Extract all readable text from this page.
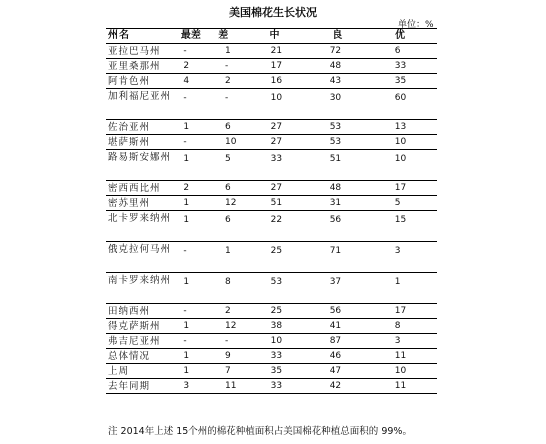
美国棉花生长状况
单位：%
州名	最差	差	中	良	优
亚拉巴马州	-	1	21	72	6
亚里桑那州	2	-	17	48	33
阿肯色州	4	2	16	43	35
加利福尼亚州	-	-	10	30	60
佐治亚州	1	6	27	53	13
堪萨斯州	-	10	27	53	10
路易斯安娜州	1	5	33	51	10
密西西比州	2	6	27	48	17
密苏里州	1	12	51	31	5
北卡罗来纳州	1	6	22	56	15
俄克拉何马州	-	1	25	71	3
南卡罗来纳州	1	8	53	37	1
田纳西州	-	2	25	56	17
得克萨斯州	1	12	38	41	8
弗吉尼亚州	-	-	10	87	3
总体情况	1	9	33	46	11
上周	1	7	35	47	10
去年同期	3	11	33	42	11
注 2014年上述 15个州的棉花种植面积占美国棉花种植总面积的 99%。
